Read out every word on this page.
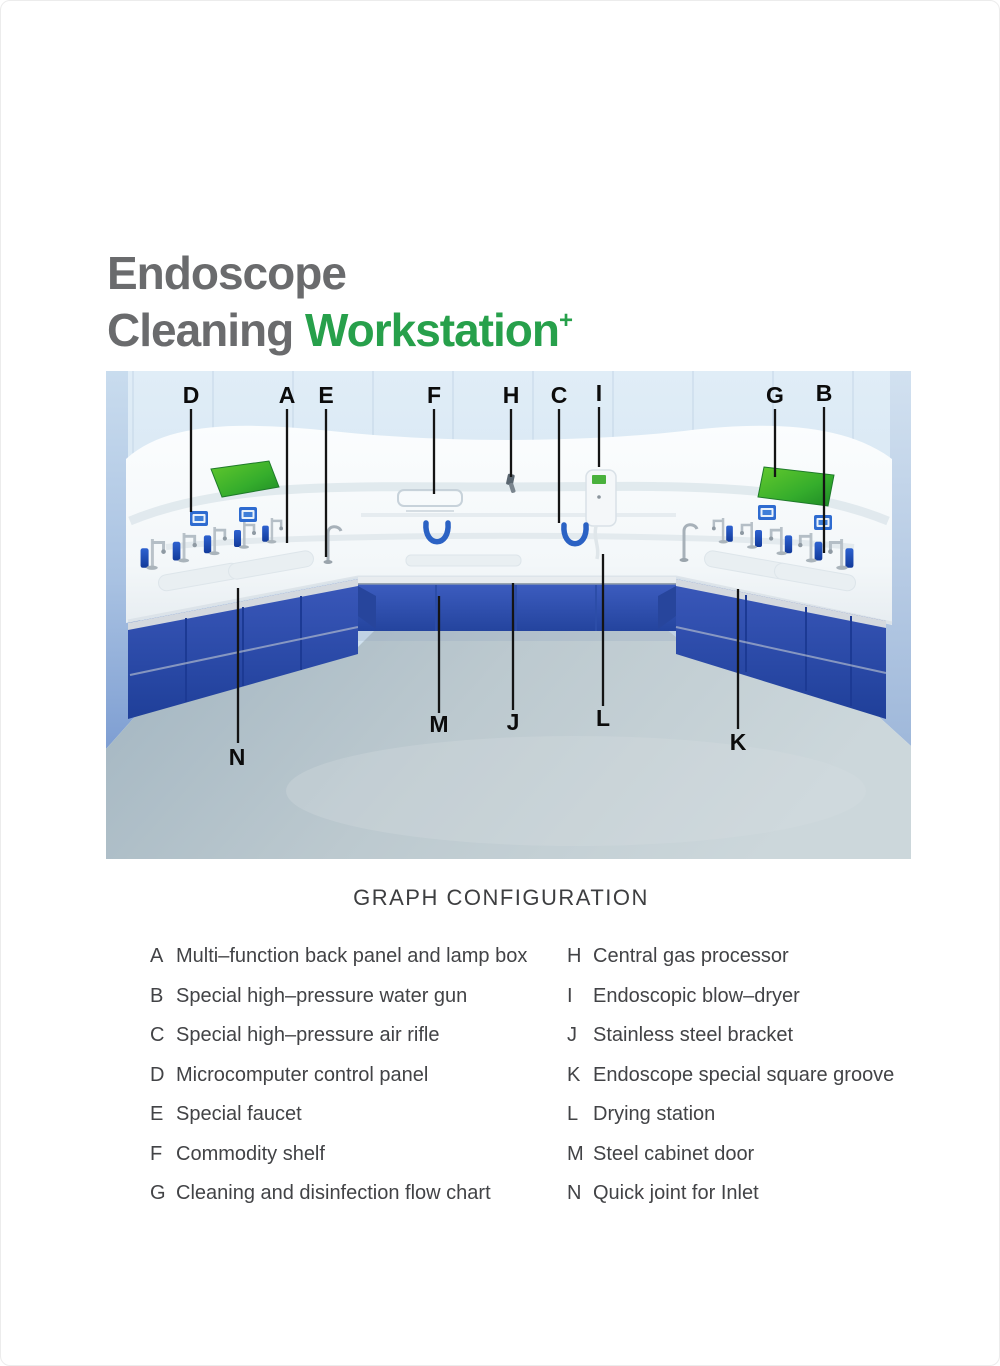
Endoscope
Cleaning Workstation+
D	A E	F	H C I	G B
N
M	J	L
K
GRAPH CONFIGURATION
A Multi–function back panel and lamp box
B Special high–pressure water gun
C Special high–pressure air rifle
D Microcomputer control panel
E Special faucet
F Commodity shelf
G Cleaning and disinfection flow chart
H Central gas processor
I Endoscopic blow–dryer
J Stainless steel bracket
K Endoscope special square groove
L Drying station
M Steel cabinet door
N Quick joint for Inlet
